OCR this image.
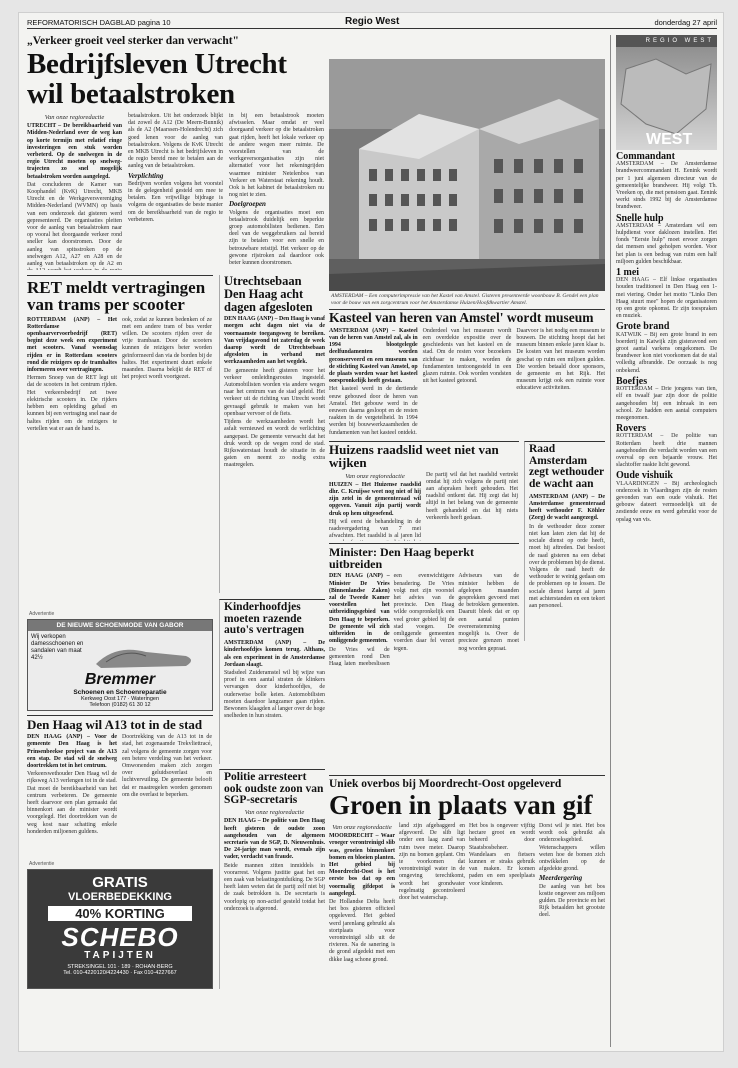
REFORMATORISCH DAGBLAD pagina 10	Regio West	donderdag 27 april
„Verkeer groeit veel sterker dan verwacht"
Bedrijfsleven Utrecht wil betaalstroken
Van onze regioredactie

UTRECHT – De bereikbaarheid van Midden-Nederland over de weg kan op korte termijn met relatief ringe investeringen een stuk worden verbeterd. Op de snelwegen in de regio Utrecht moeten op snelweg-trajecten zo snel mogelijk betaalstroken worden aangelegd.

Dat concluderen de Kamer van Koophandel (KvK) Utrecht, MKB Utrecht en de Werkgeversvereniging Midden-Nederland (WVMN) op basis van een onderzoek dat gisteren werd gepresenteerd. De organisaties pleiten voor de aanleg van betaalstroken naar op vooral het doorgaande verkeer rond sneller kan doorstromen. Door de aanleg van spitsstroken op de snelwegen A12, A27 en A28 en de aanleg van betaalstroken op de A2 en

betaalstroken. Uit het onderzoek blijkt dat zowel de A12 (De Meern-Bunnik) als de A2 (Maarssen-Holendrecht) zich goed lenen voor de aanleg van betaalstroken. Volgens de KvK Utrecht en MKB Utrecht is het bedrijfsleven in de regio bereid mee te betalen aan de aanleg van de betaalstroken.

Verplichting

Bedrijven worden volgens het voorstel in de gelegenheid gesteld om mee te betalen. Een vrijwillige bijdrage is volgens de organisaties de beste manier om de bereikbaarheid van de regio te verbeteren.

in bij een betaalstrook moeten afwisselen. Maar omdat er veel doorgaand verkeer op die betaalstroken gaat rijden, heeft het lokale verkeer op de andere wegen meer ruimte. De voorstellen van de werkgeversorganisaties zijn niet alternatief voor het rekeningrijden waarmee minister Netelenbos van Verkeer en Waterstaat rekening houdt. Ook is het kabinet de betaalstroken nu nog niet te zien.

Doelgroepen

Volgens de organisaties moet een betaalstrook duidelijk een beperkte groep automobilisten bedienen. Een deel van de weggebruikers zal bereid zijn te betalen voor een snelle en betrouwbare reistijd. Het verkeer op de gewone rijstroken zal daardoor ook beter kunnen doorstromen.

AMSTERDAM – Een computerimpressie van het Kastel van Amstel. Gisteren presenteerde woonbouw B. Gendel een plan voor de bouw van een zorgcentrum voor het Amsterdamse Huizen/Hoofdkwartier Amstel.
REGIO WEST
WEST
Commandant

AMSTERDAM – De Amsterdamse brandweercommandant H. Eenink wordt per 1 juni algemeen directeur van de gemeentelijke brandweer. Hij volgt Th. Vreeken op, die met pensioen gaat. Eenink werkt sinds 1992 bij de Amsterdamse brandweer.

Snelle hulp

AMSTERDAM – Amsterdam wil een hulpdienst voor daklozen instellen. Het fonds "Eerste hulp" moet ervoor zorgen dat mensen snel geholpen worden. Voor het plan is een bedrag van ruim een half miljoen gulden beschikbaar.

1 mei

DEN HAAG – Elf linkse organisaties houden traditioneel in Den Haag een 1-mei viering. Onder het motto "Links Den Haag stuurt mee" hopen de organisatoren op een grote opkomst. Er zijn toespraken en muziek.

Grote brand

KATWIJK – Bij een grote brand in een boerderij in Katwijk zijn gisteravond een groot aantal varkens omgekomen. De brandweer kon niet voorkomen dat de stal volledig afbrandde. De oorzaak is nog onbekend.

Boefjes

ROTTERDAM – Drie jongens van tien, elf en twaalf jaar zijn door de politie aangehouden bij een inbraak in een school. Ze hadden een aantal computers meegenomen.

Rovers

ROTTERDAM – De politie van Rotterdam heeft drie mannen aangehouden die verdacht worden van een overval op een bejaarde vrouw. Het slachtoffer raakte licht gewond.

Oude vishuik

VLAARDINGEN – Bij archeologisch onderzoek in Vlaardingen zijn de resten gevonden van een oude vishuik. Het gebouw dateert vermoedelijk uit de zestiende eeuw en werd gebruikt voor de opslag van vis.

Kasteel van heren van Amstel' wordt museum

AMSTERDAM (ANP) – Kasteel van de heren van Amstel zal, als in 1994 blootgelegde deelfundamenten worden geconserveerd en een museum van de stichting Kasteel van Amstel, op de plaats worden waar het kasteel oorspronkelijk heeft gestaan.

Het kasteel werd in de dertiende eeuw gebouwd door de heren van Amstel. Het gebouw werd in de eeuwen daarna gesloopt en de resten raakten in de vergetelheid. In 1994 werden bij bouwwerkzaamheden de fundamenten van het kasteel ontdekt.

Onderdeel van het museum wordt een overdekte expositie over de geschiedenis van het kasteel en de stad. Om de resten voor bezoekers zichtbaar te maken, worden de fundamenten tentoongesteld in een glazen ruimte. Ook worden vondsten uit het kasteel getoond.

Daarvoor is het nodig een museum te bouwen. De stichting hoopt dat het museum binnen enkele jaren klaar is. De kosten van het museum worden geschat op ruim een miljoen gulden. Die worden betaald door sponsors, de gemeente en het Rijk. Het museum krijgt ook een ruimte voor educatieve activiteiten.

RET meldt vertragingen van trams per scooter

ROTTERDAM (ANP) – Het Rotterdamse openbaarvervoerbedrijf (RET) begint deze week een experiment met scooters. Vanaf woensdag rijden er in Rotterdam scooters rond die reizigers op de tramhaltes informeren over vertragingen.

Hermen Snoep van de RET legt uit dat de scooters in het centrum rijden. Het verkeersbedrijf zet twee elektrische scooters in. De rijders hebben een opleiding gehad en kunnen bij een vertraging snel naar de haltes rijden om de reizigers te vertellen wat er aan de hand is.

ook, zodat ze kunnen bedenken of ze met een andere tram of bus verder willen. De scooters rijden over de vrije trambaan. Door de scooters kunnen de reizigers beter worden geïnformeerd dan via de borden bij de haltes. Het experiment duurt enkele maanden. Daarna bekijkt de RET of het project wordt voortgezet.

Utrechtsebaan Den Haag acht dagen afgesloten

DEN HAAG (ANP) – Den Haag is vanaf morgen acht dagen niet via de voornaamste toegangsweg te bereiken. Van vrijdagavond tot zaterdag de week daarop wordt de Utrechtsebaan afgesloten in verband met werkzaamheden aan het wegdek.

De gemeente heeft gisteren voor het verkeer omleidingsroutes ingesteld. Automobilisten worden via andere wegen naar het centrum van de stad geleid. Het verkeer uit de richting van Utrecht wordt gevraagd gebruik te maken van het openbaar vervoer of de fiets.

Tijdens de werkzaamheden wordt het asfalt vernieuwd en wordt de verlichting aangepast. De gemeente verwacht dat het druk wordt op de wegen rond de stad. Rijkswaterstaat houdt de situatie in de gaten en neemt zo nodig extra maatregelen.

Huizens raadslid weet niet van wijken
Van onze regioredactie

HUIZEN – Het Huizense raadslid dhr. C. Kruijsse weet nog niet of hij zijn zetel in de gemeenteraad wil opgeven. Vanuit zijn partij wordt druk op hem uitgeoefend.

Hij wil eerst de behandeling in de raadsvergadering van 7 mei afwachten. Het raadslid is al jaren lid

De partij wil dat het raadslid vertrekt omdat hij zich volgens de partij niet aan afspraken heeft gehouden. Het raadslid ontkent dat. Hij zegt dat hij altijd in het belang van de gemeente heeft gehandeld en dat hij niets verkeerds heeft gedaan.

Raad Amsterdam zegt wethouder de wacht aan

AMSTERDAM (ANP) – De Amsterdamse gemeenteraad heeft wethouder F. Köhler (Zorg) de wacht aangezegd.

In de wethouder deze zomer niet kan laten zien dat hij de sociale dienst op orde heeft, moet hij aftreden. Dat besloot de raad gisteren na een debat over de problemen bij de dienst. Volgens de raad heeft de wethouder te weinig gedaan om de problemen op te lossen. De sociale dienst kampt al jaren met achterstanden en een tekort aan personeel.

Minister: Den Haag beperkt uitbreiden

DEN HAAG (ANP) – Minister De Vries (Binnenlandse Zaken) zal de Tweede Kamer voorstellen het uitbreidingsgebied van Den Haag te beperken. De gemeente wil zich uitbreiden in de omliggende gemeenten.

De Vries wil de gemeenten rond Den Haag laten meebeslissen

een evenwichtigere benadering. De Vries volgt met zijn voorstel het advies van de provincie. Den Haag wilde oorspronkelijk een veel groter gebied bij de stad voegen. De omliggende gemeenten voerden daar fel verzet tegen.

Adviseurs van de minister hebben de afgelopen maanden gesprekken gevoerd met de betrokken gemeenten. Daaruit bleek dat er op een aantal punten overeenstemming mogelijk is. Over de precieze grenzen moet nog worden gepraat.

Advertentie
DE NIEUWE SCHOENMODE VAN GABOR
Wij verkopen damesschoenen en sandalen van maat 42½
Bremmer
Schoenen en Schoenreparatie
Kerkweg Oost 177 · Wateringen
Telefoon (0182) 61 30 12
Kinderhoofdjes moeten razende auto's vertragen

AMSTERDAM (ANP) – De kinderhoofdjes komen terug. Althans, als een experiment in de Amsterdamse Jordaan slaagt.

Stadsdeel Zuideramstel wil bij wijze van proef in een aantal straten de klinkers vervangen door kinderhoofdjes, de ouderwetse bolle keien. Automobilisten moeten daardoor langzamer gaan rijden. Bewoners klaagden al langer over de hoge snelheden in hun straten.

Den Haag wil A13 tot in de stad

DEN HAAG (ANP) – Voor de gemeente Den Haag is het Prinsenbeekse project van de A13 een stap. De stad wil de snelweg doortrekken tot in het centrum.

Verkeerswethouder Den Haag wil de rijksweg A13 verlengen tot in de stad. Dat moet de bereikbaarheid van het centrum verbeteren. De gemeente heeft daarvoor een plan gemaakt dat binnenkort aan de minister wordt voorgelegd. Het doortrekken van de weg kost naar schatting enkele honderden miljoenen guldens.

Doortrekking van de A13 tot in de stad, het zogenaamde Trekvliettracé, zal volgens de gemeente zorgen voor een betere verdeling van het verkeer. Omwonenden maken zich zorgen over geluidsoverlast en luchtvervuiling. De gemeente belooft dat er maatregelen worden genomen om die overlast te beperken.

Politie arresteert ook oudste zoon van SGP-secretaris
Van onze regioredactie

DEN HAAG – De politie van Den Haag heeft gisteren de oudste zoon aangehouden van de algemeen secretaris van de SGP, D. Nieuwenhuis. De 24-jarige man wordt, evenals zijn vader, verdacht van fraude.

Beide mannen zitten inmiddels in voorarrest. Volgens justitie gaat het om een zaak van belastingontduiking. De SGP heeft laten weten dat de partij zelf niet bij de zaak betrokken is. De secretaris is voorlopig op non-actief gesteld totdat het onderzoek is afgerond.

Advertentie
GRATIS
VLOERBEDEKKING
40% KORTING
SCHEBO
TAPIJTEN
STREKSINGEL 101 · 189 · ROHAN·BERG
Tel. 010-4220120/4224430 · Fax 010-4227667
Uniek overbos bij Moordrecht-Oost opgeleverd
Groen in plaats van gif
Van onze regioredactie

MOORDRECHT – Waar vroeger verontreinigd slib was, groeien binnenkort bomen en bloeien planten. Het gebied bij Moordrecht-Oost is het eerste bos dat op een voormalig gifdepot is aangelegd.

De Hollandse Delta heeft het bos gisteren officieel opgeleverd. Het gebied werd jarenlang gebruikt als stortplaats voor verontreinigd slib uit de rivieren. Na de sanering is de grond afgedekt met een dikke laag schone grond.

land zijn afgebaggerd en afgevoerd. De slib ligt onder een laag zand van ruim twee meter. Daarop zijn nu bomen geplant. Om te voorkomen dat verontreinigd water in de omgeving terechtkomt, wordt het grondwater regelmatig gecontroleerd door het waterschap.

Het bos is ongeveer vijftig hectare groot en wordt beheerd door Staatsbosbeheer. Wandelaars en fietsers kunnen er straks gebruik van maken. Er komen paden en een speelplaats voor kinderen.

Dorst wil je niet. Het bos wordt ook gebruikt als onderzoeksgebied. Wetenschappers willen weten hoe de bomen zich ontwikkelen op de afgedekte grond.

Meerdergering

De aanleg van het bos kostte ongeveer zes miljoen gulden. De provincie en het Rijk betaalden het grootste deel.
